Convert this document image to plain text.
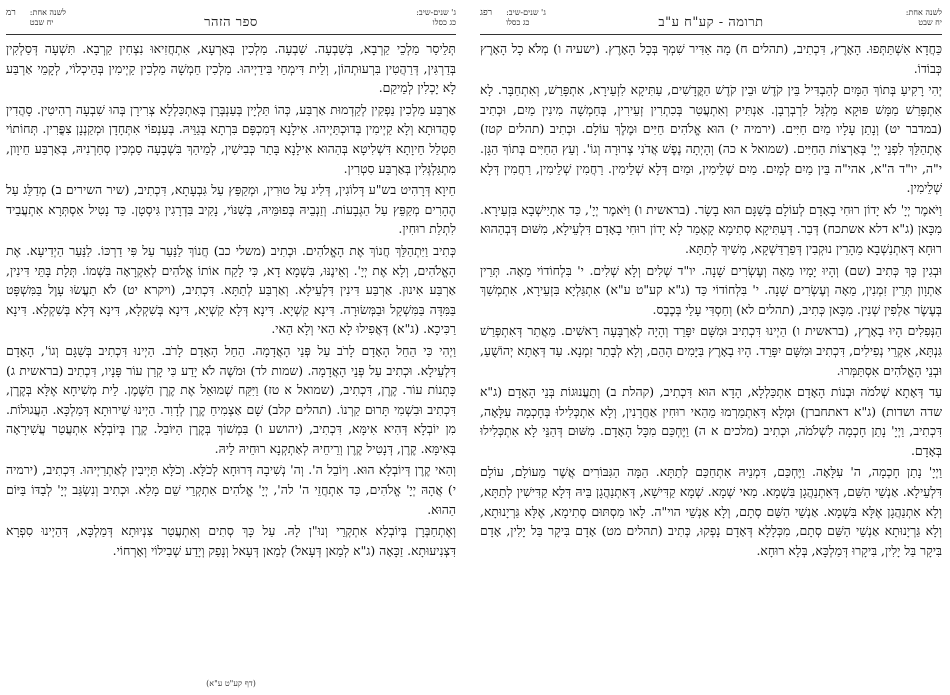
לשנה אחת:
יח שבט
תרומה - קע"ח ע"ב
ג' שנים-שיב:
כג כסלו
רפג

כַּחֲדָא אִשְׁתַּתְּפוּ. הָאָרֶץ, דִּכְתִיב, (תהלים ח) מָה אַדִּיר שִׁמְךָ בְּכָל הָאָרֶץ. (ישעיה ו) מְלֹא כָל הָאָרֶץ כְּבוֹדוֹ.

יְהִי רָקִיעַ בְּתוֹךְ הַמָּיִם לְהַבְדִּיל בֵּין קֹדֶשׁ וּבֵין קֹדֶשׁ הַקֳּדָשִׁים, עַתִּיקָא לִזְעֵירָא, אִתְפָּרַשׁ, וְאִתְחַבָּר. לָא אִתְפָּרַשׁ מַמָּשׁ פּוּקָא מַלְגָּל לִרְבְרְבָן. אַנְתִּיק וְאִתְעֲטַר בְּכִתְרִין זְעֵירִין, בְּחַמְשָׁה מִינִין מַיִם, וּכְתִיב (במדבר יט) וְנָתַן עָלָיו מַיִם חַיִּים. (ירמיה י) הוּא אֱלֹהִים חַיִּים וּמֶלֶךְ עוֹלָם. וּכְתִיב (תהלים קטז) אֶתְהַלֵּךְ לִפְנֵי יְיָ' בְּאַרְצוֹת הַחַיִּים. (שמואל א כה) וְהָיְתָה נֶפֶשׁ אֲדֹנִי צְרוּרָה וְגוֹ'. וְעֵץ הַחַיִּים בְּתוֹךְ הַגָּן. י"ה, יו"ד ה"א, אהי"ה בֵּין מַיִם לְמָיִם. מַיִם שְׁלֵימִין, וּמַיִם דְּלָא שְׁלֵימִין. רַחֲמִין שְׁלֵימִין, רַחֲמִין דְּלָא שְׁלֵימִין.

וַיֹּאמֶר יְיָ' לֹא יָדוֹן רוּחִי בָאָדָם לְעוֹלָם בְּשַׁגָּם הוּא בָשָׂר. (בראשית ו) וַיֹּאמֶר יְיָ', כַּד אִתְיַישְׁבָא בִּזְעֵירָא. מִכָּאן (ג"א דלא אשתכח) דְּבַר. דְּעַתִּיקָא סְתִימָא קָאָמַר לָא יָדוֹן רוּחִי בָאָדָם דִּלְעֵילָא, מִשּׁוּם דְּבְהַהוּא רוּחָא דְּאִתְנַשְׁבָא מֵהָרֵין נוּקְבִין דְּפַרְדַּשְׁקָא, מָשִׁיךְ לְתַתָּא.

וּבְגִין כָּךְ כְּתִיב (שם) וְהָיוּ יָמָיו מֵאָה וְעֶשְׂרִים שָׁנָה. יו"ד שְׁלִים וְלָא שְׁלִים. י' בִּלְחוֹדוֹי מֵאָה. תְּרֵין אַתְוָון תְּרֵין זִמְנִין, מֵאָה וְעֶשְׂרִים שָׁנָה. י' בִּלְחוֹדוֹי כַּד (ג"א קע"ט ע"א) אִתְגַּלְיָא בִּזְעֵירָא, אִתְמְשַׁךְ בְּעֶשֶׂר אַלְפִין שְׁנִין. מִכָּאן כְּתִיב, (תהלים לא) וְחַסְדִּי עָלַי בְּכֶבֶס.

הַנְּפִלִים הָיוּ בָאָרֶץ, (בראשית ו) הַיְינוּ דִּכְתִיב וּמִשָּׁם יִפָּרֵד וְהָיָה לְאַרְבָּעָה רָאשִׁים. מֵאֲתַר דְּאִתְפְּרַשׁ גִּנְתָּא, אִקְרֵי נְפִילִים, דִּכְתִיב וּמִשָּׁם יִפָּרֵד. הָיוּ בָאָרֶץ בַּיָּמִים הָהֵם, וְלָא לְבָתַר זִמְנָא. עַד דְּאָתָא יְהוֹשֻׁעַ, וּבְנֵי הָאֱלֹהִים אִסְתַּמְּרוּ.

עַד דְּאָתָא שְׁלֹמֹה וּבְנוֹת הָאָדָם אִתְכַּלְלָא, הָדָא הוּא דִּכְתִיב, (קהלת ב) וְתַעֲנוּגוֹת בְּנֵי הָאָדָם (ג"א שדה ושדות) (ג"א דאתחברן) וּמְלָא דְּאִתְמַרְמוּ מֵהַאי רוּחִין אַחֲרָנִין, וְלָא אִתְכְּלִילוּ בְּחָכְמָה עִלָּאָה, דִּכְתִיב, וַיְיָ' נָתַן חָכְמָה לִשְׁלֹמֹה, וּכְתִיב (מלכים א ה) וַיֶּחְכַּם מִכָּל הָאָדָם. מִשּׁוּם דְּהַנֵּי לָא אִתְכְּלִילוּ בְּאָדָם.

וַיְיָ' נָתַן חָכְמָה, ה' עִלָּאָה. וַיֶּחְכַּם, דִּמְנֵיהּ אִתְחַכַּם לְתַתָּא. הֵמָּה הַגִּבּוֹרִים אֲשֶׁר מֵעוֹלָם, עוֹלָם דִּלְעֵילָא. אַנְשֵׁי הַשֵּׁם, דְּאִתְנַהֲגָן בִּשְׁמָא. מַאי שְׁמָא. שְׁמָא קַדִּישָׁא, דְּאִתְנַהֲגָן בֵּיהּ דְּלָא קַדִּישִׁין לְתַתָּא, וְלָא אִתְנַהֲגָן אֶלָּא בִּשְׁמָא. אַנְשֵׁי הַשֵּׁם סְתָם, וְלָא אַנְשֵׁי הוי"ה. לָאו מִסְתּוּם סְתִימָא, אֶלָּא גַּרְיָנוּתָא, וְלָא גַּרְיָנוּתָא אַנְשֵׁי הַשֵּׁם סְתָם, מִכְּלָלָא דְּאָדָם נָפְקוּ, כְּתִיב (תהלים מט) אָדָם בִּיקָר בַּל יָלִין, אָדָם בִּיקָר בַּל יָלִין, בִּיקָרוּ דְּמַלְכָּא, בְּלָא רוּחָא.

ג' שנים-שיב:
כג כסלו
ספר הזהר
לשנה אחת:
יח שבט
רמ

תְּלֵיסַר מַלְכֵי קַרְבָא, בְּשַׁבְעָה. שַׁבְעָה. מַלְכִין בְּאַרְעָא, אִתְחֲזִיאוּ נִצְחִין קַרְבָא. תִּשְׁעָה דְּסַלְקִין בְּדַרְגִּין, דְּרַהֲטִין בִּרְעוּתְהוֹן, וְלֵית דִּימְחֵי בִּידַיְיהוּ. מַלְכִין חַמְשָׁה מַלְכִין קַיְימִין בְּהֵיכְלוֹי, לְקָמֵי אַרְבַּע לָא יָכְלִין לְמֵיקַם.

אַרְבַּע מַלְכִין נַפְקִין לְקַדְמוּת אַרְבַּע, כְּהוֹ תַּלְיָין בְּעַנְבְּרָן בְּאַתְכַּלְלָא צְרִירָן בְּהוּ שִׁבְעָה רְהִיטִין. סָהֲדִין סָהֲדוּתָא וְלָא קַיְימִין בְּדוּכְתַּיְיהוּ. אִילָנָא דְּמִכְפָּם בִּרְתָא בְּגַוֵּיהּ. בְּעַנְפוֹי אִתְּחָדָן וּמְקַנְנָן צִפֳּרִין. תְּחוֹתוֹי תַּטְלַל חֵיוָתָא דִּשְׁלִיטָא בְּהַהוּא אִילָנָא בָּתַר כְּבִישִׁין, לְמֵיהַךְ בִּשְׁבָעָה סַמְכִין סְחַרְנִיהּ, בְּאַרְבַּע חֵיוָון, מִתְגַּלְגְּלִין בְּאַרְבַּע סִטְרִין.

חֵיוָא דְּרָהִיט בש"ע דְּלוֹגִין, דְּלִיג עַל טוּרִין, וּמְקַפֵּץ עַל גִּבְעָתָא, דִּכְתִיב, (שיר השירים ב) מְדַלֵּג עַל הֶהָרִים מְקַפֵּץ עַל הַגְּבָעוֹת. וְזַנְבֵיהּ בְּפוּמֵּיהּ, בְּשִׁנּוֹי, נָקִיב בִּדְרָגִין גִּיסְטָן. כַּד נָטִיל אִסְתְּרָא אִתְעֲבֵיד לִתְלַת רוּחִין.

כְּתִיב וַיִּתְהַלֵּךְ חֲנוֹךְ אֶת הָאֱלֹהִים. וּכְתִיב (משלי כב) חֲנוֹךְ לַנַּעַר עַל פִּי דַרְכּוֹ. לַנַּעַר הַיְדִיעָא. אֶת הָאֱלֹהִים, וְלָא אֶת יְיָ'. וְאֵינֶנּוּ, בִּשְׁמָא דָא, כִּי לָקַח אוֹתוֹ אֱלֹהִים לְאִקְרָאָה בִּשְׁמוֹ. תְּלָת בָּתֵּי דִּינִין, אַרְבַּע אִינוּן. אַרְבַּע דִּינִין דִּלְעֵילָא. וְאַרְבַּע לְתַתָּא. דִּכְתִיב, (ויקרא יט) לֹא תַעֲשׂוּ עָוֶל בַּמִּשְׁפָּט בַּמִּדָּה בַּמִּשְׁקָל וּבַמְּשׂוּרָה. דִּינָא קַשְׁיָא. דִּינָא דְּלָא קַשְׁיָא, דִּינָא בְּשִׁקְלָא, דִּינָא דְּלָא בְּשִׁקְלָא. דִּינָא רַכִּיכָא. (ג"א) דְּאֲפִילוּ לָא הַאי וְלָא הַאי.

וַיְהִי כִּי הֵחֵל הָאָדָם לָרֹב עַל פְּנֵי הָאֲדָמָה. הֵחֵל הָאָדָם לָרֹב. הַיְינוּ דִּכְתִיב בְּשַׁגָּם וְגוֹ', הָאָדָם דִּלְעֵילָא. וּכְתִיב עַל פְּנֵי הָאֲדָמָה. (שמות לד) וּמֹשֶׁה לֹא יָדַע כִּי קָרַן עוֹר פָּנָיו, דִּכְתִיב (בראשית ג) כָּתְנוֹת עוֹר. קֶרֶן, דִּכְתִיב, (שמואל א טז) וַיִּקַּח שְׁמוּאֵל אֶת קֶרֶן הַשֶּׁמֶן. לֵית מְשִׁיחָא אֶלָּא בְּקֶרֶן, דִּכְתִיב וּבִשְׁמִי תָּרוּם קַרְנוֹ. (תהלים קלב) שָׁם אַצְמִיחַ קֶרֶן לְדָוִד. הַיְינוּ שֵׁירוּתָא דְּמַלְכָּא. הַעֲגוּלוֹת. מִן יוֹבְלָא דְּהִיא אִימָּא, דִּכְתִיב, (יהושע ו) בִּמְשׁוֹךְ בְּקֶרֶן הַיּוֹבֵל. קֶרֶן בְּיוֹבְלָא אִתְעֲטַר עֲשִׁירָאָה בְּאִימָּא. קֶרֶן, דְּנָטִיל קֶרֶן וְרֵיחֵיהּ לְאַתְקְנָא רוּחֵיהּ לֵיהּ.

וְהַאי קֶרֶן דְּיוֹבְלָא הוּא. וְיוֹבֵל ה'. וְה' נְשִׁיבָה דְּרוּחָא לְכֹלָּא. וְכֹלָּא תַּיְיבִין לְאַתְרַיְיהוּ. דִּכְתִיב, (ירמיה י) אֲהָהּ יְיָ' אֱלֹהִים, כַּד אִתְחֲזֵי ה' לה', יְיָ' אֱלֹהִים אִתְקְרֵי שֵׁם מָלֵא. וּכְתִיב וְנִשְׂגַּב יְיָ' לְבַדּוֹ בַּיּוֹם הַהוּא.

וְאֶתְחַבְּרָן בְּיוֹבְלָא אִתְקְרֵי וְנוּ"ן לָהּ. עַל כָּךְ סְתִים וְאִתְעֲטַר צִנְיוּתָא דְּמַלְכָּא, דְּהַיְינוּ סִפְרָא דִּצְנִיעוּתָא. זַכָּאָה (ג"א לְמֵאן דְּעָאל) לְמַאן דְּעָאל וְנָפַק וְיָדַע שְׁבִילוֹי וְאָרְחוֹי.

(דף קע"ט ע"א)
